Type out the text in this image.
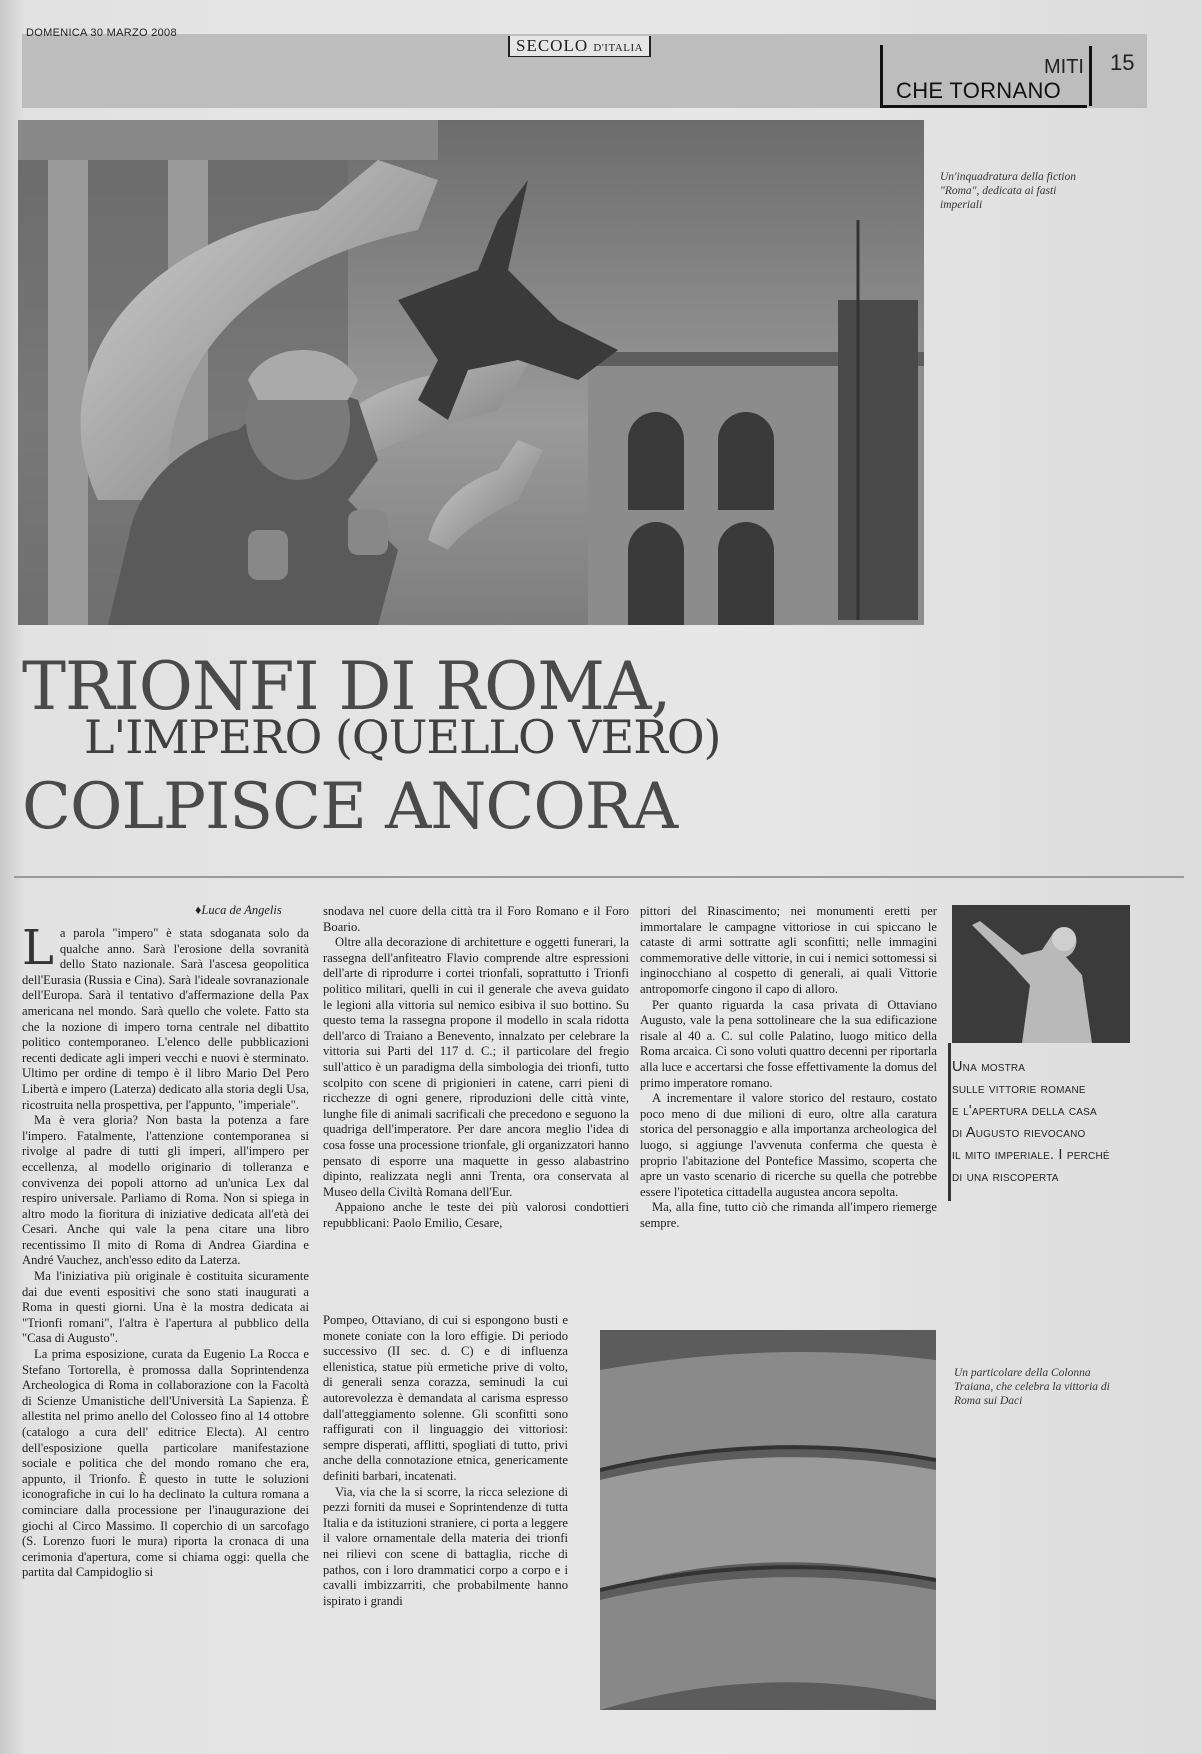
DOMENICA 30 MARZO 2008
SECOLO D'ITALIA
MITI
CHE TORNANO
15
Un'inquadratura della fiction "Roma", dedicata ai fasti imperiali
TRIONFI DI ROMA,
L'IMPERO (QUELLO VERO)
COLPISCE ANCORA
♦ Luca de Angelis

La parola "impero" è stata sdoganata solo da qualche anno. Sarà l'erosione della sovranità dello Stato nazionale. Sarà l'ascesa geopolitica dell'Eurasia (Russia e Cina). Sarà l'ideale sovranazionale dell'Europa. Sarà il tentativo d'affermazione della Pax americana nel mondo. Sarà quello che volete. Fatto sta che la nozione di impero torna centrale nel dibattito politico contemporaneo. L'elenco delle pubblicazioni recenti dedicate agli imperi vecchi e nuovi è sterminato. Ultimo per ordine di tempo è il libro Mario Del Pero Libertà e impero (Laterza) dedicato alla storia degli Usa, ricostruita nella prospettiva, per l'appunto, "imperiale".

Ma è vera gloria? Non basta la potenza a fare l'impero. Fatalmente, l'attenzione contemporanea si rivolge al padre di tutti gli imperi, all'impero per eccellenza, al modello originario di tolleranza e convivenza dei popoli attorno ad un'unica Lex dal respiro universale. Parliamo di Roma. Non si spiega in altro modo la fioritura di iniziative dedicata all'età dei Cesari. Anche qui vale la pena citare una libro recentissimo Il mito di Roma di Andrea Giardina e André Vauchez, anch'esso edito da Laterza.

Ma l'iniziativa più originale è costituita sicuramente dai due eventi espositivi che sono stati inaugurati a Roma in questi giorni. Una è la mostra dedicata ai "Trionfi romani", l'altra è l'apertura al pubblico della "Casa di Augusto".

La prima esposizione, curata da Eugenio La Rocca e Stefano Tortorella, è promossa dalla Soprintendenza Archeologica di Roma in collaborazione con la Facoltà di Scienze Umanistiche dell'Università La Sapienza. È allestita nel primo anello del Colosseo fino al 14 ottobre (catalogo a cura dell' editrice Electa). Al centro dell'esposizione quella particolare manifestazione sociale e politica che del mondo romano che era, appunto, il Trionfo. È questo in tutte le soluzioni iconografiche in cui lo ha declinato la cultura romana a cominciare dalla processione per l'inaugurazione dei giochi al Circo Massimo. Il coperchio di un sarcofago (S. Lorenzo fuori le mura) riporta la cronaca di una cerimonia d'apertura, come si chiama oggi: quella che partita dal Campidoglio si

snodava nel cuore della città tra il Foro Romano e il Foro Boario.

Oltre alla decorazione di architetture e oggetti funerari, la rassegna dell'anfiteatro Flavio comprende altre espressioni dell'arte di riprodurre i cortei trionfali, soprattutto i Trionfi politico militari, quelli in cui il generale che aveva guidato le legioni alla vittoria sul nemico esibiva il suo bottino. Su questo tema la rassegna propone il modello in scala ridotta dell'arco di Traiano a Benevento, innalzato per celebrare la vittoria sui Parti del 117 d. C.; il particolare del fregio sull'attico è un paradigma della simbologia dei trionfi, tutto scolpito con scene di prigionieri in catene, carri pieni di ricchezze di ogni genere, riproduzioni delle città vinte, lunghe file di animali sacrificali che precedono e seguono la quadriga dell'imperatore. Per dare ancora meglio l'idea di cosa fosse una processione trionfale, gli organizzatori hanno pensato di esporre una maquette in gesso alabastrino dipinto, realizzata negli anni Trenta, ora conservata al Museo della Civiltà Romana dell'Eur.

Appaiono anche le teste dei più valorosi condottieri repubblicani: Paolo Emilio, Cesare,

Pompeo, Ottaviano, di cui si espongono busti e monete coniate con la loro effigie. Di periodo successivo (II sec. d. C) e di influenza ellenistica, statue più ermetiche prive di volto, di generali senza corazza, seminudi la cui autorevolezza è demandata al carisma espresso dall'atteggiamento solenne. Gli sconfitti sono raffigurati con il linguaggio dei vittoriosi: sempre disperati, afflitti, spogliati di tutto, privi anche della connotazione etnica, genericamente definiti barbari, incatenati.

Via, via che la si scorre, la ricca selezione di pezzi forniti da musei e Soprintendenze di tutta Italia e da istituzioni straniere, ci porta a leggere il valore ornamentale della materia dei trionfi nei rilievi con scene di battaglia, ricche di pathos, con i loro drammatici corpo a corpo e i cavalli imbizzarriti, che probabilmente hanno ispirato i grandi

pittori del Rinascimento; nei monumenti eretti per immortalare le campagne vittoriose in cui spiccano le cataste di armi sottratte agli sconfitti; nelle immagini commemorative delle vittorie, in cui i nemici sottomessi si inginocchiano al cospetto di generali, ai quali Vittorie antropomorfe cingono il capo di alloro.

Per quanto riguarda la casa privata di Ottaviano Augusto, vale la pena sottolineare che la sua edificazione risale al 40 a. C. sul colle Palatino, luogo mitico della Roma arcaica. Ci sono voluti quattro decenni per riportarla alla luce e accertarsi che fosse effettivamente la domus del primo imperatore romano.

A incrementare il valore storico del restauro, costato poco meno di due milioni di euro, oltre alla caratura storica del personaggio e alla importanza archeologica del luogo, si aggiunge l'avvenuta conferma che questa è proprio l'abitazione del Pontefice Massimo, scoperta che apre un vasto scenario di ricerche su quella che potrebbe essere l'ipotetica cittadella augustea ancora sepolta.

Ma, alla fine, tutto ciò che rimanda all'impero riemerge sempre.

Una mostra
sulle vittorie romane
e l'apertura della casa
di Augusto rievocano
il mito imperiale. I perché
di una riscoperta
Un particolare della Colonna Traiana, che celebra la vittoria di Roma sui Daci
